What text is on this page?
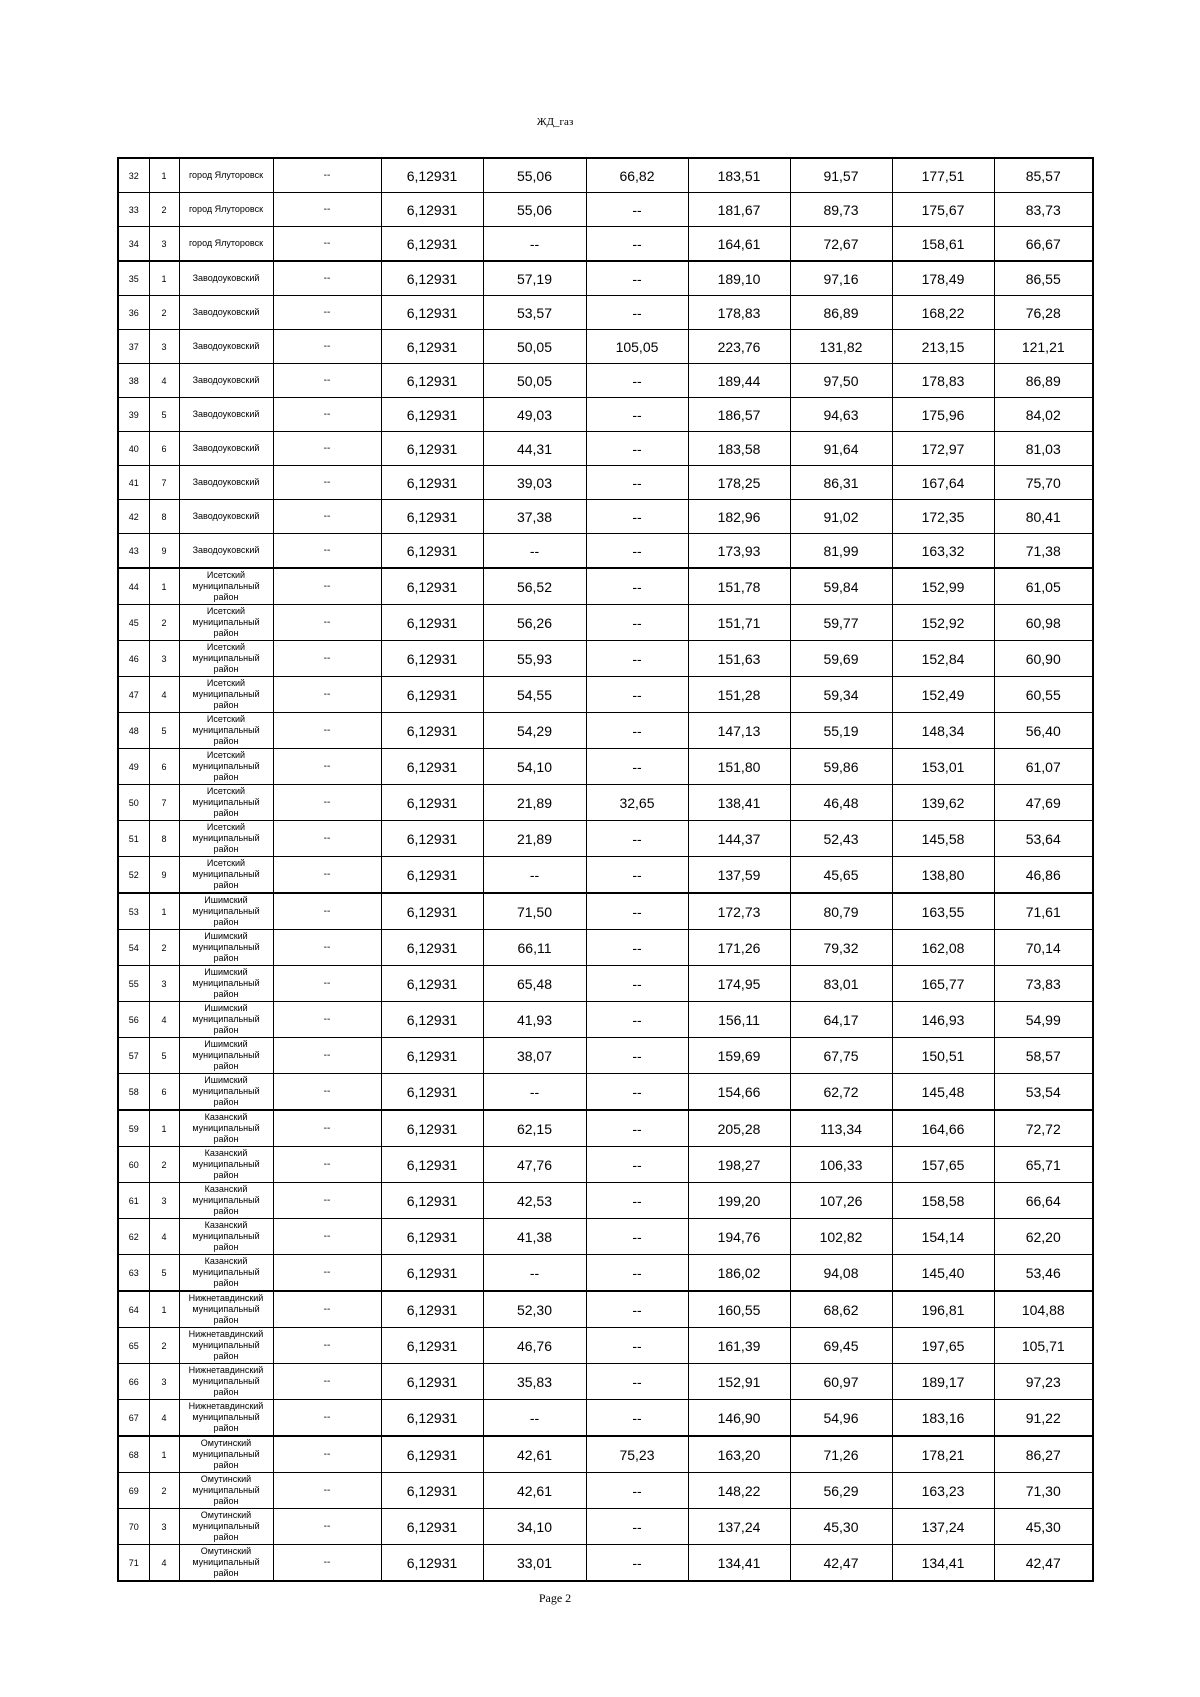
ЖД_газ
32	1	город Ялуторовск	--	6,12931	55,06	66,82	183,51	91,57	177,51	85,57
33	2	город Ялуторовск	--	6,12931	55,06	--	181,67	89,73	175,67	83,73
34	3	город Ялуторовск	--	6,12931	--	--	164,61	72,67	158,61	66,67
35	1	Заводоуковский	--	6,12931	57,19	--	189,10	97,16	178,49	86,55
36	2	Заводоуковский	--	6,12931	53,57	--	178,83	86,89	168,22	76,28
37	3	Заводоуковский	--	6,12931	50,05	105,05	223,76	131,82	213,15	121,21
38	4	Заводоуковский	--	6,12931	50,05	--	189,44	97,50	178,83	86,89
39	5	Заводоуковский	--	6,12931	49,03	--	186,57	94,63	175,96	84,02
40	6	Заводоуковский	--	6,12931	44,31	--	183,58	91,64	172,97	81,03
41	7	Заводоуковский	--	6,12931	39,03	--	178,25	86,31	167,64	75,70
42	8	Заводоуковский	--	6,12931	37,38	--	182,96	91,02	172,35	80,41
43	9	Заводоуковский	--	6,12931	--	--	173,93	81,99	163,32	71,38
44	1	Исетский муниципальный район	--	6,12931	56,52	--	151,78	59,84	152,99	61,05
45	2	Исетский муниципальный район	--	6,12931	56,26	--	151,71	59,77	152,92	60,98
46	3	Исетский муниципальный район	--	6,12931	55,93	--	151,63	59,69	152,84	60,90
47	4	Исетский муниципальный район	--	6,12931	54,55	--	151,28	59,34	152,49	60,55
48	5	Исетский муниципальный район	--	6,12931	54,29	--	147,13	55,19	148,34	56,40
49	6	Исетский муниципальный район	--	6,12931	54,10	--	151,80	59,86	153,01	61,07
50	7	Исетский муниципальный район	--	6,12931	21,89	32,65	138,41	46,48	139,62	47,69
51	8	Исетский муниципальный район	--	6,12931	21,89	--	144,37	52,43	145,58	53,64
52	9	Исетский муниципальный район	--	6,12931	--	--	137,59	45,65	138,80	46,86
53	1	Ишимский муниципальный район	--	6,12931	71,50	--	172,73	80,79	163,55	71,61
54	2	Ишимский муниципальный район	--	6,12931	66,11	--	171,26	79,32	162,08	70,14
55	3	Ишимский муниципальный район	--	6,12931	65,48	--	174,95	83,01	165,77	73,83
56	4	Ишимский муниципальный район	--	6,12931	41,93	--	156,11	64,17	146,93	54,99
57	5	Ишимский муниципальный район	--	6,12931	38,07	--	159,69	67,75	150,51	58,57
58	6	Ишимский муниципальный район	--	6,12931	--	--	154,66	62,72	145,48	53,54
59	1	Казанский муниципальный район	--	6,12931	62,15	--	205,28	113,34	164,66	72,72
60	2	Казанский муниципальный район	--	6,12931	47,76	--	198,27	106,33	157,65	65,71
61	3	Казанский муниципальный район	--	6,12931	42,53	--	199,20	107,26	158,58	66,64
62	4	Казанский муниципальный район	--	6,12931	41,38	--	194,76	102,82	154,14	62,20
63	5	Казанский муниципальный район	--	6,12931	--	--	186,02	94,08	145,40	53,46
64	1	Нижнетавдинский муниципальный район	--	6,12931	52,30	--	160,55	68,62	196,81	104,88
65	2	Нижнетавдинский муниципальный район	--	6,12931	46,76	--	161,39	69,45	197,65	105,71
66	3	Нижнетавдинский муниципальный район	--	6,12931	35,83	--	152,91	60,97	189,17	97,23
67	4	Нижнетавдинский муниципальный район	--	6,12931	--	--	146,90	54,96	183,16	91,22
68	1	Омутинский муниципальный район	--	6,12931	42,61	75,23	163,20	71,26	178,21	86,27
69	2	Омутинский муниципальный район	--	6,12931	42,61	--	148,22	56,29	163,23	71,30
70	3	Омутинский муниципальный район	--	6,12931	34,10	--	137,24	45,30	137,24	45,30
71	4	Омутинский муниципальный район	--	6,12931	33,01	--	134,41	42,47	134,41	42,47
Page 2
